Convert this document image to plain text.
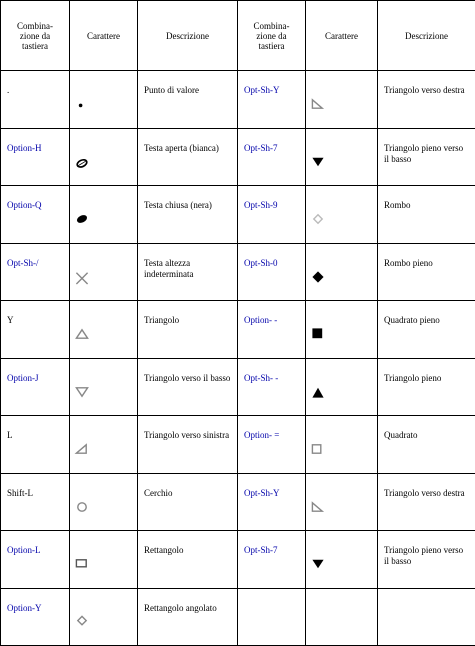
Combina-
zione da
tastiera	Carattere	Descrizione	Combina-
zione da
tastiera	Carattere	Descrizione

.		Punto di valore	Opt-Sh-Y		Triangolo verso destra

Option-H		Testa aperta (bianca)	Opt-Sh-7		Triangolo pieno verso il basso

Option-Q		Testa chiusa (nera)	Opt-Sh-9		Rombo

Opt-Sh-/		Testa altezza indeterminata	Opt-Sh-0		Rombo pieno

Y		Triangolo	Option- -		Quadrato pieno

Option-J		Triangolo verso il basso	Opt-Sh- -		Triangolo pieno

L		Triangolo verso sinistra	Option- =		Quadrato

Shift-L		Cerchio	Opt-Sh-Y		Triangolo verso destra

Option-L		Rettangolo	Opt-Sh-7		Triangolo pieno verso il basso

Option-Y		Rettangolo angolato			
